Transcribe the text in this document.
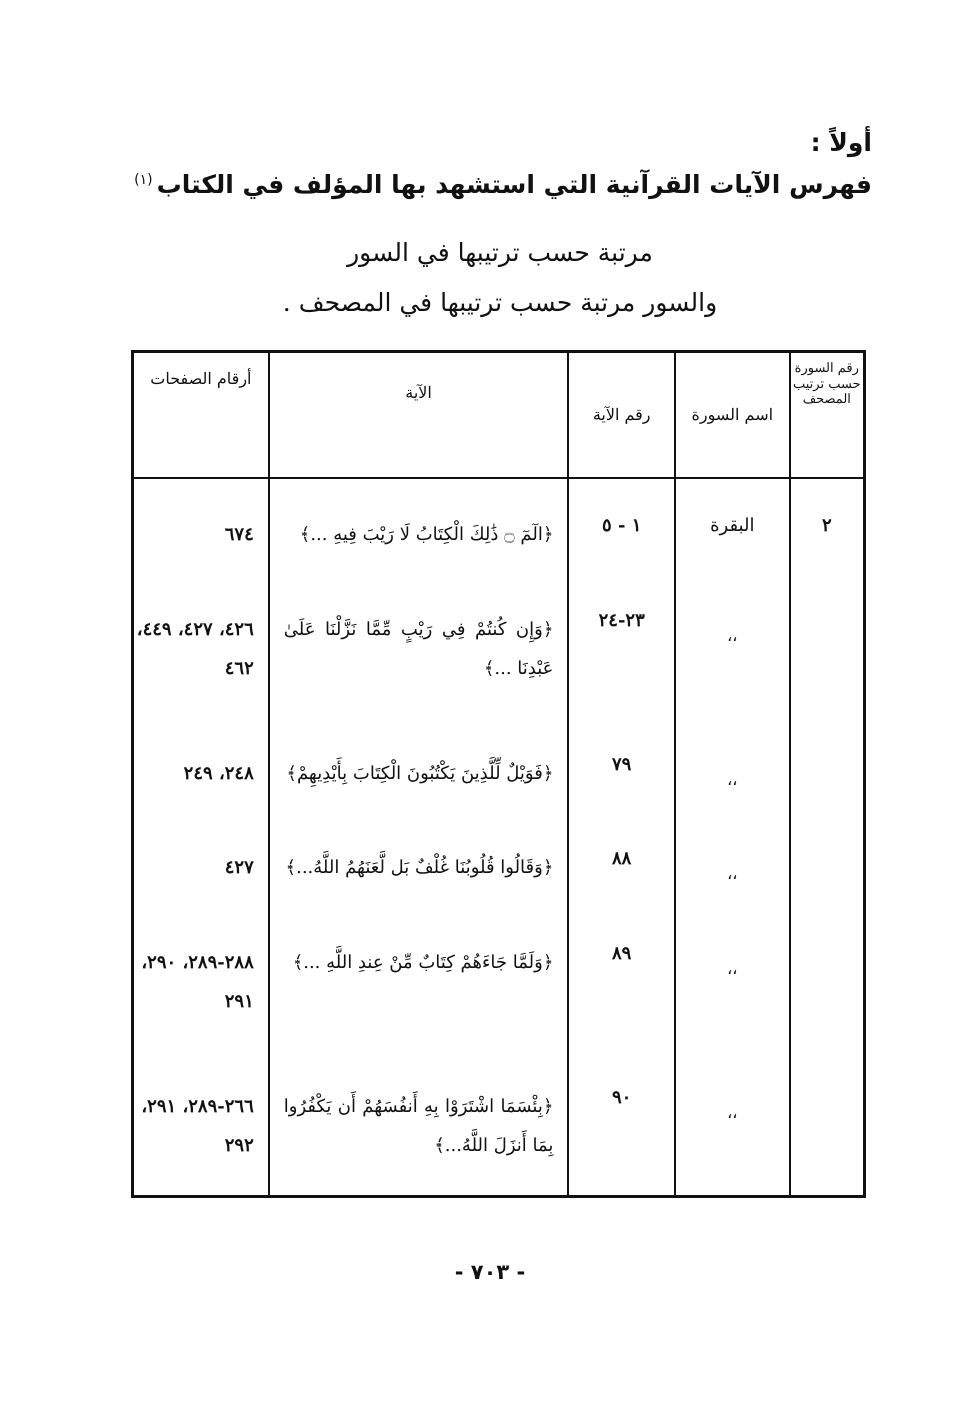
أولاً :
فهرس الآيات القرآنية التي استشهد بها المؤلف في الكتاب$^{(١)}$
مرتبة حسب ترتيبها في السور
والسور مرتبة حسب ترتيبها في المصحف .
رقم السورة حسب ترتيب المصحف	اسم السورة	رقم الآية	الآية	أرقام الصفحات
٢	البقرة	١ - ٥	﴿الٓمٓ ۝ ذَٰلِكَ الْكِتَابُ لَا رَيْبَ فِيهِ ...﴾	٦٧٤
	،،	٢٣-٢٤	﴿وَإِن كُنتُمْ فِي رَيْبٍ مِّمَّا نَزَّلْنَا عَلَىٰ عَبْدِنَا ...﴾	٤٢٦، ٤٢٧، ٤٤٩، ٤٦٢
	،،	٧٩	﴿فَوَيْلٌ لِّلَّذِينَ يَكْتُبُونَ الْكِتَابَ بِأَيْدِيهِمْ﴾	٢٤٨، ٢٤٩
	،،	٨٨	﴿وَقَالُوا قُلُوبُنَا غُلْفٌ بَل لَّعَنَهُمُ اللَّهُ...﴾	٤٢٧
	،،	٨٩	﴿وَلَمَّا جَاءَهُمْ كِتَابٌ مِّنْ عِندِ اللَّهِ ...﴾	٢٨٨-٢٨٩، ٢٩٠، ٢٩١
	،،	٩٠	﴿بِئْسَمَا اشْتَرَوْا بِهِ أَنفُسَهُمْ أَن يَكْفُرُوا بِمَا أَنزَلَ اللَّهُ...﴾	٢٦٦-٢٨٩، ٢٩١، ٢٩٢
- ٧٠٣ -
